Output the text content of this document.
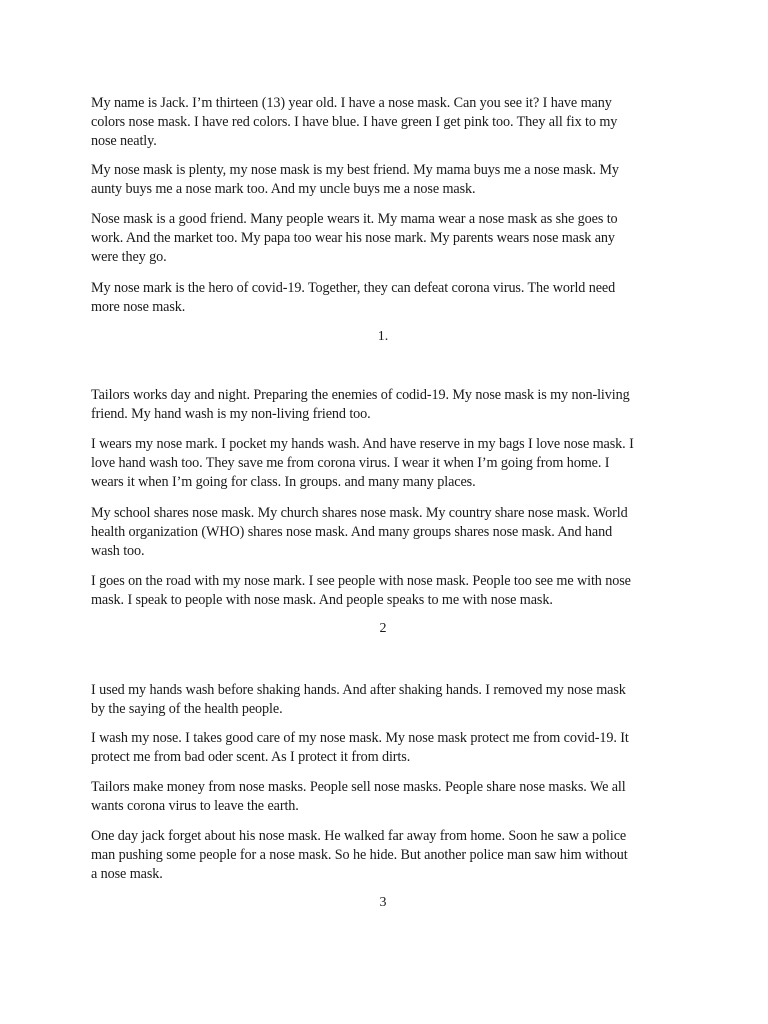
My name is Jack. I’m thirteen (13) year old. I have a nose mask. Can you see it? I have many
colors nose mask. I have red colors. I have blue. I have green I get pink too. They all fix to my
nose neatly.

My nose mask is plenty, my nose mask is my best friend. My mama buys me a nose mask. My
aunty buys me a nose mark too. And my uncle buys me a nose mask.

Nose mask is a good friend. Many people wears it. My mama wear a nose mask as she goes to
work. And the market too. My papa too wear his nose mark. My parents wears nose mask any
were they go.

My nose mark is the hero of covid-19. Together, they can defeat corona virus. The world need
more nose mask.

1.

Tailors works day and night. Preparing the enemies of codid-19. My nose mask is my non-living
friend. My hand wash is my non-living friend too.

I wears my nose mark. I pocket my hands wash. And have reserve in my bags I love nose mask. I
love hand wash too. They save me from corona virus. I wear it when I’m going from home. I
wears it when I’m going for class. In groups. and many many places.

My school shares nose mask. My church shares nose mask. My country share nose mask. World
health organization (WHO) shares nose mask. And many groups shares nose mask. And hand
wash too.

I goes on the road with my nose mark. I see people with nose mask. People too see me with nose
mask. I speak to people with nose mask. And people speaks to me with nose mask.

2

I used my hands wash before shaking hands. And after shaking hands. I removed my nose mask
by the saying of the health people.

I wash my nose. I takes good care of my nose mask. My nose mask protect me from covid-19. It
protect me from bad oder scent. As I protect it from dirts.

Tailors make money from nose masks. People sell nose masks. People share nose masks. We all
wants corona virus to leave the earth.

One day jack forget about his nose mask. He walked far away from home. Soon he saw a police
man pushing some people for a nose mask. So he hide. But another police man saw him without
a nose mask.

3
